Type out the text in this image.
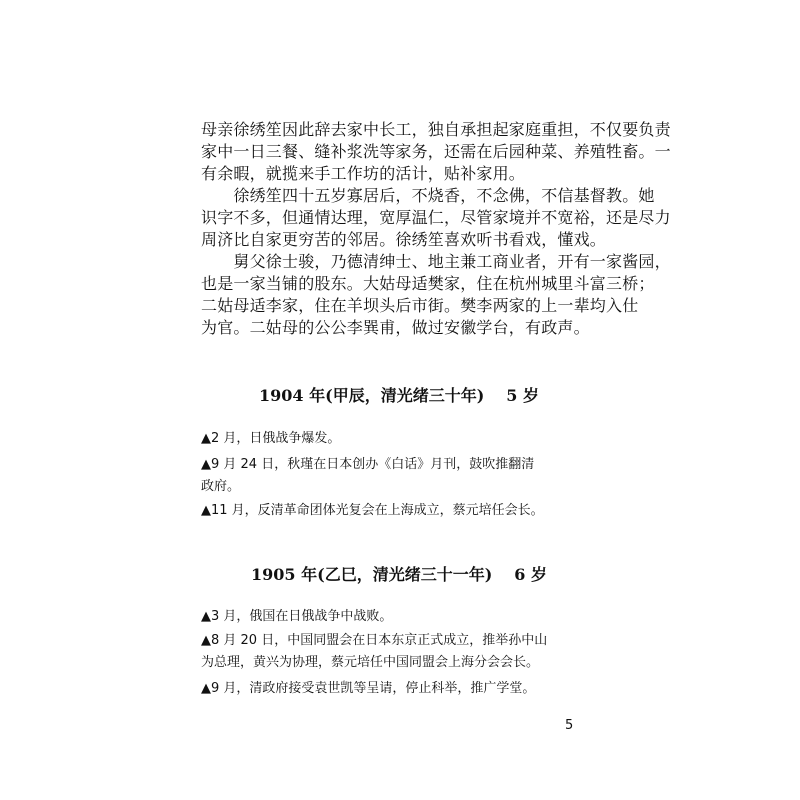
母亲徐绣笙因此辞去家中长工，独自承担起家庭重担，不仅要负责
家中一日三餐、缝补浆洗等家务，还需在后园种菜、养殖牲畜。一
有余暇，就揽来手工作坊的活计，贴补家用。
　　徐绣笙四十五岁寡居后，不烧香，不念佛，不信基督教。她
识字不多，但通情达理，宽厚温仁，尽管家境并不宽裕，还是尽力
周济比自家更穷苦的邻居。徐绣笙喜欢听书看戏，懂戏。
　　舅父徐士骏，乃德清绅士、地主兼工商业者，开有一家酱园，
也是一家当铺的股东。大姑母适樊家，住在杭州城里斗富三桥；
二姑母适李家，住在羊坝头后市街。樊李两家的上一辈均入仕
为官。二姑母的公公李巽甫，做过安徽学台，有政声。
1904 年(甲辰，清光绪三十年) 5 岁
▲2 月，日俄战争爆发。
▲9 月 24 日，秋瑾在日本创办《白话》月刊，鼓吹推翻清
政府。
▲11 月，反清革命团体光复会在上海成立，蔡元培任会长。
1905 年(乙巳，清光绪三十一年) 6 岁
▲3 月，俄国在日俄战争中战败。
▲8 月 20 日，中国同盟会在日本东京正式成立，推举孙中山
为总理，黄兴为协理，蔡元培任中国同盟会上海分会会长。
▲9 月，清政府接受袁世凯等呈请，停止科举，推广学堂。

5
